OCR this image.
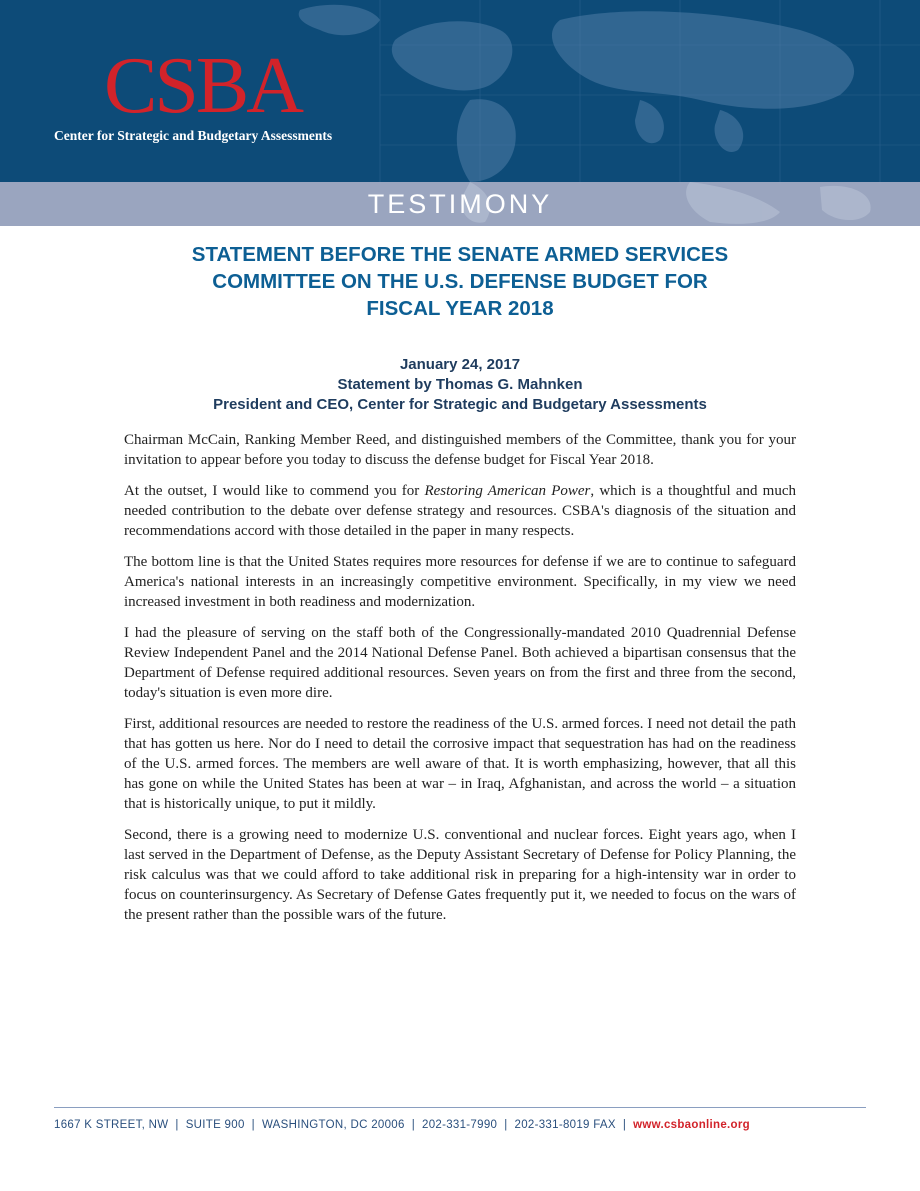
CSBA
Center for Strategic and Budgetary Assessments
TESTIMONY
STATEMENT BEFORE THE SENATE ARMED SERVICES
COMMITTEE ON THE U.S. DEFENSE BUDGET FOR
FISCAL YEAR 2018
January 24, 2017
Statement by Thomas G. Mahnken
President and CEO, Center for Strategic and Budgetary Assessments

Chairman McCain, Ranking Member Reed, and distinguished members of the Committee, thank you for your invitation to appear before you today to discuss the defense budget for Fiscal Year 2018.

At the outset, I would like to commend you for Restoring American Power, which is a thoughtful and much needed contribution to the debate over defense strategy and resources. CSBA's diagnosis of the situation and recommendations accord with those detailed in the paper in many respects.

The bottom line is that the United States requires more resources for defense if we are to continue to safeguard America's national interests in an increasingly competitive environment. Specifically, in my view we need increased investment in both readiness and modernization.

I had the pleasure of serving on the staff both of the Congressionally-mandated 2010 Quadrennial Defense Review Independent Panel and the 2014 National Defense Panel. Both achieved a bipartisan consensus that the Department of Defense required additional resources. Seven years on from the first and three from the second, today's situation is even more dire.

First, additional resources are needed to restore the readiness of the U.S. armed forces. I need not detail the path that has gotten us here. Nor do I need to detail the corrosive impact that sequestration has had on the readiness of the U.S. armed forces. The members are well aware of that. It is worth emphasizing, however, that all this has gone on while the United States has been at war – in Iraq, Afghanistan, and across the world – a situation that is historically unique, to put it mildly.

Second, there is a growing need to modernize U.S. conventional and nuclear forces. Eight years ago, when I last served in the Department of Defense, as the Deputy Assistant Secretary of Defense for Policy Planning, the risk calculus was that we could afford to take additional risk in preparing for a high-intensity war in order to focus on counterinsurgency. As Secretary of Defense Gates frequently put it, we needed to focus on the wars of the present rather than the possible wars of the future.

1667 K STREET, NW | SUITE 900 | WASHINGTON, DC 20006 | 202-331-7990 | 202-331-8019 FAX | www.csbaonline.org
